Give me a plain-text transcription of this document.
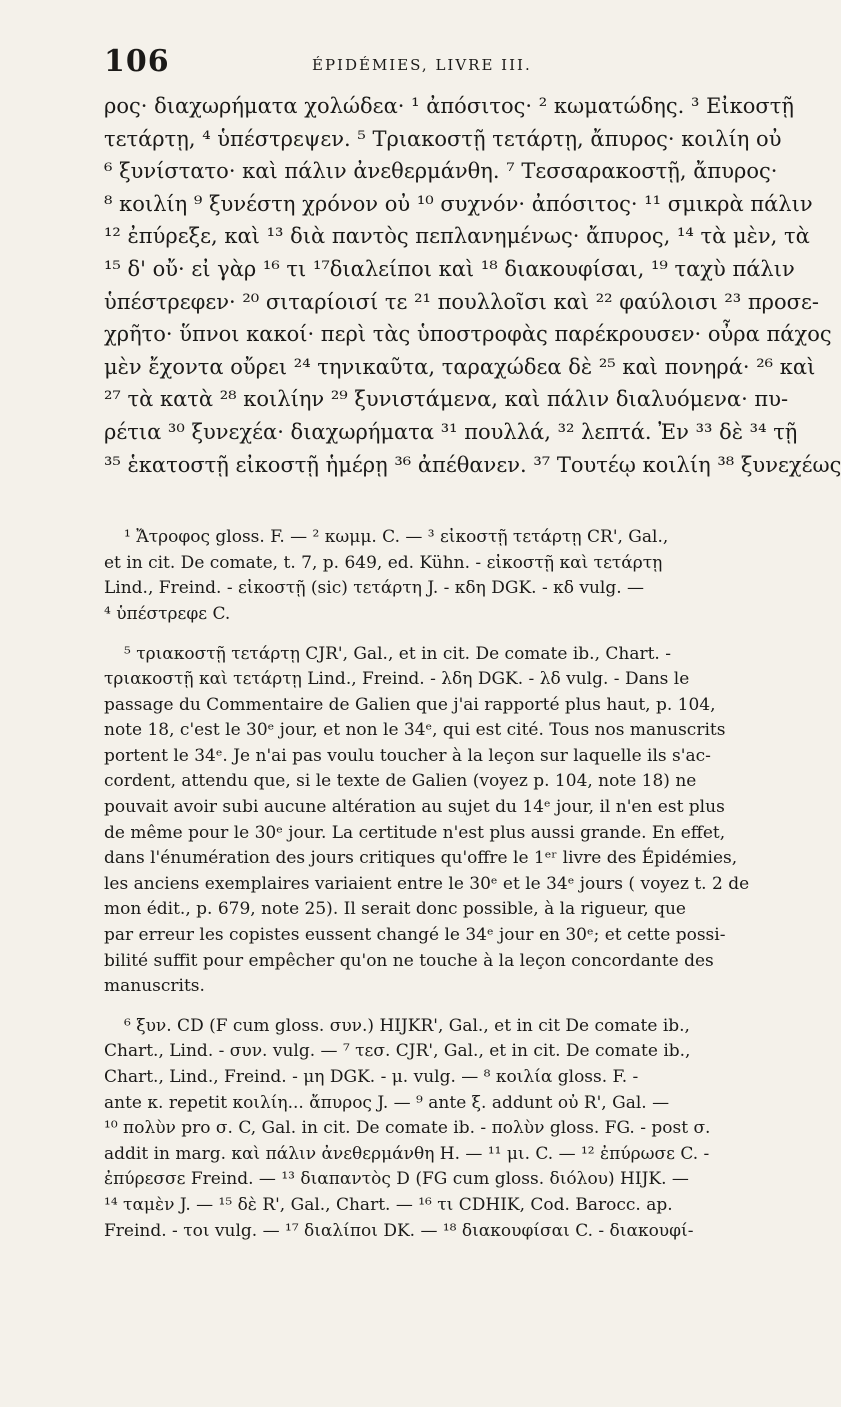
106	ÉPIDÉMIES, LIVRE III.
ρος· διαχωρήματα χολώδεα· ¹ ἀπόσιτος· ² κωματώδης. ³ Εἰκοστῇ
τετάρτῃ, ⁴ ὑπέστρεψεν. ⁵ Τριακοστῇ τετάρτῃ, ἄπυρος· κοιλίη οὐ
⁶ ξυνίστατο· καὶ πάλιν ἀνεθερμάνθη. ⁷ Τεσσαρακοστῇ, ἄπυρος·
⁸ κοιλίη ⁹ ξυνέστη χρόνον οὐ ¹⁰ συχνόν· ἀπόσιτος· ¹¹ σμικρὰ πάλιν
¹² ἐπύρεξε, καὶ ¹³ διὰ παντὸς πεπλανημένως· ἄπυρος, ¹⁴ τὰ μὲν, τὰ
¹⁵ δ' οὔ· εἰ γὰρ ¹⁶ τι ¹⁷διαλείποι καὶ ¹⁸ διακουφίσαι, ¹⁹ ταχὺ πάλιν
ὑπέστρεφεν· ²⁰ σιταρίοισί τε ²¹ πουλλοῖσι καὶ ²² φαύλοισι ²³ προσε-
χρῆτο· ὕπνοι κακοί· περὶ τὰς ὑποστροφὰς παρέκρουσεν· οὖρα πάχος
μὲν ἔχοντα οὔρει ²⁴ τηνικαῦτα, ταραχώδεα δὲ ²⁵ καὶ πονηρά· ²⁶ καὶ
²⁷ τὰ κατὰ ²⁸ κοιλίην ²⁹ ξυνιστάμενα, καὶ πάλιν διαλυόμενα· πυ-
ρέτια ³⁰ ξυνεχέα· διαχωρήματα ³¹ πουλλά, ³² λεπτά. Ἐν ³³ δὲ ³⁴ τῇ
³⁵ ἑκατοστῇ εἰκοστῇ ἡμέρῃ ³⁶ ἀπέθανεν. ³⁷ Τουτέῳ κοιλίη ³⁸ ξυνεχέως
¹ Ἄτροφος gloss. F. — ² κωμμ. C. — ³ εἰκοστῇ τετάρτῃ CR', Gal.,
et in cit. De comate, t. 7, p. 649, ed. Kühn. - εἰκοστῇ καὶ τετάρτῃ
Lind., Freind. - εἰκοστῇ (sic) τετάρτη J. - κδη DGK. - κδ vulg. —
⁴ ὑπέστρεφε C.
⁵ τριακοστῇ τετάρτῃ CJR', Gal., et in cit. De comate ib., Chart. -
τριακοστῇ καὶ τετάρτῃ Lind., Freind. - λδη DGK. - λδ vulg. - Dans le
passage du Commentaire de Galien que j'ai rapporté plus haut, p. 104,
note 18, c'est le 30ᵉ jour, et non le 34ᵉ, qui est cité. Tous nos manuscrits
portent le 34ᵉ. Je n'ai pas voulu toucher à la leçon sur laquelle ils s'ac-
cordent, attendu que, si le texte de Galien (voyez p. 104, note 18) ne
pouvait avoir subi aucune altération au sujet du 14ᵉ jour, il n'en est plus
de même pour le 30ᵉ jour. La certitude n'est plus aussi grande. En effet,
dans l'énumération des jours critiques qu'offre le 1ᵉʳ livre des Épidémies,
les anciens exemplaires variaient entre le 30ᵉ et le 34ᵉ jours ( voyez t. 2 de
mon édit., p. 679, note 25). Il serait donc possible, à la rigueur, que
par erreur les copistes eussent changé le 34ᵉ jour en 30ᵉ; et cette possi-
bilité suffit pour empêcher qu'on ne touche à la leçon concordante des
manuscrits.
⁶ ξυν. CD (F cum gloss. συν.) HIJKR', Gal., et in cit De comate ib.,
Chart., Lind. - συν. vulg. — ⁷ τεσ. CJR', Gal., et in cit. De comate ib.,
Chart., Lind., Freind. - μη DGK. - μ. vulg. — ⁸ κοιλία gloss. F. -
ante κ. repetit κοιλίη... ἄπυρος J. — ⁹ ante ξ. addunt οὐ R', Gal. —
¹⁰ πολὺν pro σ. C, Gal. in cit. De comate ib. - πολὺν gloss. FG. - post σ.
addit in marg. καὶ πάλιν ἀνεθερμάνθη H. — ¹¹ μι. C. — ¹² ἐπύρωσε C. -
ἐπύρεσσε Freind. — ¹³ διαπαντὸς D (FG cum gloss. διόλου) HIJK. —
¹⁴ ταμὲν J. — ¹⁵ δὲ R', Gal., Chart. — ¹⁶ τι CDHIK, Cod. Barocc. ap.
Freind. - τοι vulg. — ¹⁷ διαλίποι DK. — ¹⁸ διακουφίσαι C. - διακουφί-
